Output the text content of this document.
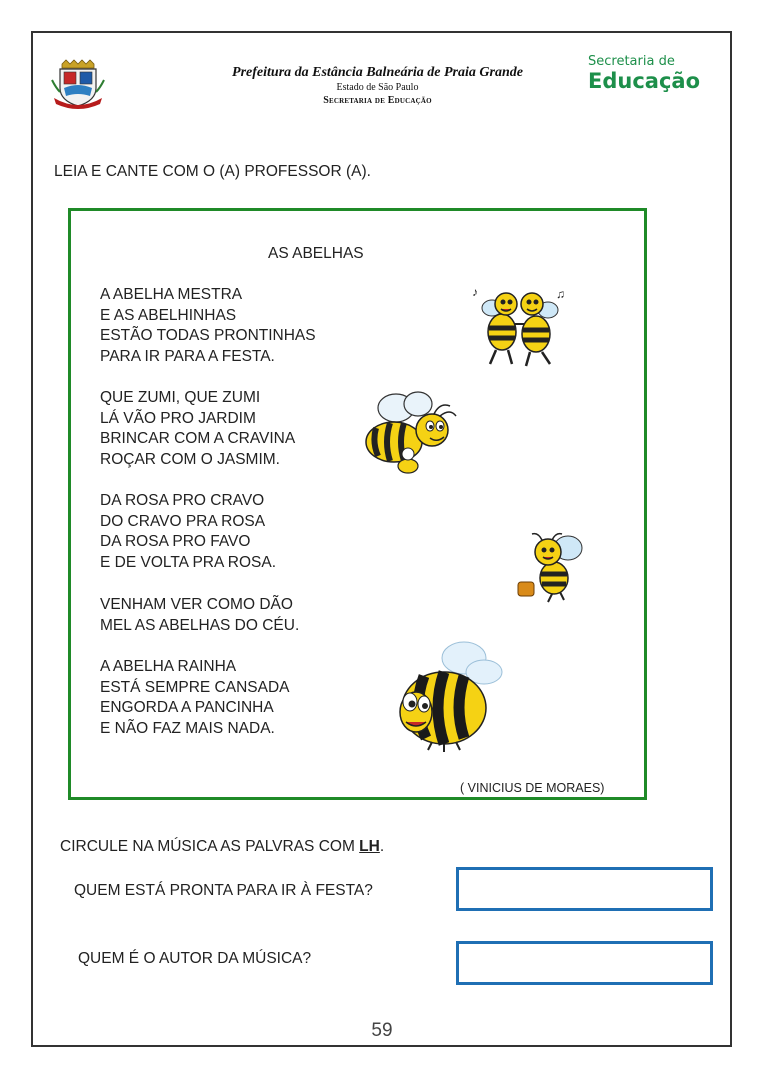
Prefeitura da Estância Balneária de Praia Grande
Estado de São Paulo
Secretaria de Educação
Secretaria de
Educação
LEIA E CANTE COM O (A) PROFESSOR (A).
AS ABELHAS
A ABELHA MESTRA
E AS ABELHINHAS
ESTÃO TODAS PRONTINHAS
PARA IR PARA A FESTA.
QUE ZUMI, QUE ZUMI
LÁ VÃO PRO JARDIM
BRINCAR COM A CRAVINA
ROÇAR COM O JASMIM.
DA ROSA PRO CRAVO
DO CRAVO PRA ROSA
DA ROSA PRO FAVO
E DE VOLTA PRA ROSA.
VENHAM VER COMO DÃO
MEL AS ABELHAS DO CÉU.
A ABELHA RAINHA
ESTÁ SEMPRE CANSADA
ENGORDA A PANCINHA
E NÃO FAZ MAIS NADA.
( VINICIUS DE MORAES)
♪	♫
CIRCULE NA MÚSICA AS PALVRAS COM LH.
QUEM ESTÁ PRONTA PARA IR À FESTA?
QUEM É O AUTOR DA MÚSICA?
59
